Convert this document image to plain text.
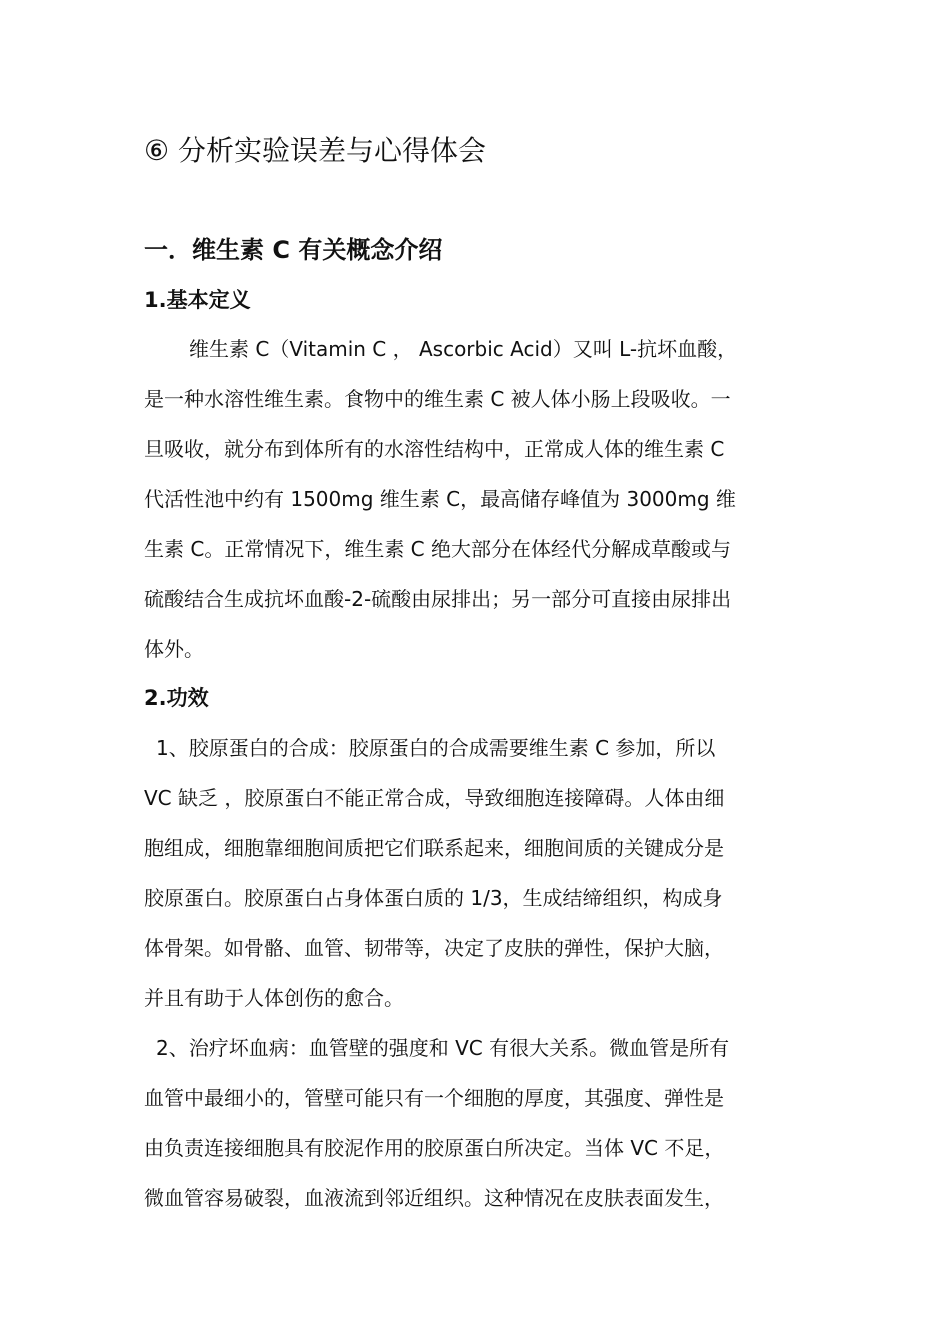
⑥ 分析实验误差与心得体会
一．维生素 C 有关概念介绍
1.基本定义
维生素 C（Vitamin C ， Ascorbic Acid）又叫 L-抗坏血酸，
是一种水溶性维生素。食物中的维生素 C 被人体小肠上段吸收。一
旦吸收，就分布到体所有的水溶性结构中，正常成人体的维生素 C
代活性池中约有 1500mg 维生素 C，最高储存峰值为 3000mg 维
生素 C。正常情况下，维生素 C 绝大部分在体经代分解成草酸或与
硫酸结合生成抗坏血酸-2-硫酸由尿排出；另一部分可直接由尿排出
体外。
2.功效
1、胶原蛋白的合成：胶原蛋白的合成需要维生素 C 参加，所以
VC 缺乏 ，胶原蛋白不能正常合成，导致细胞连接障碍。人体由细
胞组成，细胞靠细胞间质把它们联系起来，细胞间质的关键成分是
胶原蛋白。胶原蛋白占身体蛋白质的 1/3，生成结缔组织，构成身
体骨架。如骨骼、血管、韧带等，决定了皮肤的弹性，保护大脑，
并且有助于人体创伤的愈合。
2、治疗坏血病：血管壁的强度和 VC 有很大关系。微血管是所有
血管中最细小的，管壁可能只有一个细胞的厚度，其强度、弹性是
由负责连接细胞具有胶泥作用的胶原蛋白所决定。当体 VC 不足，
微血管容易破裂，血液流到邻近组织。这种情况在皮肤表面发生，
